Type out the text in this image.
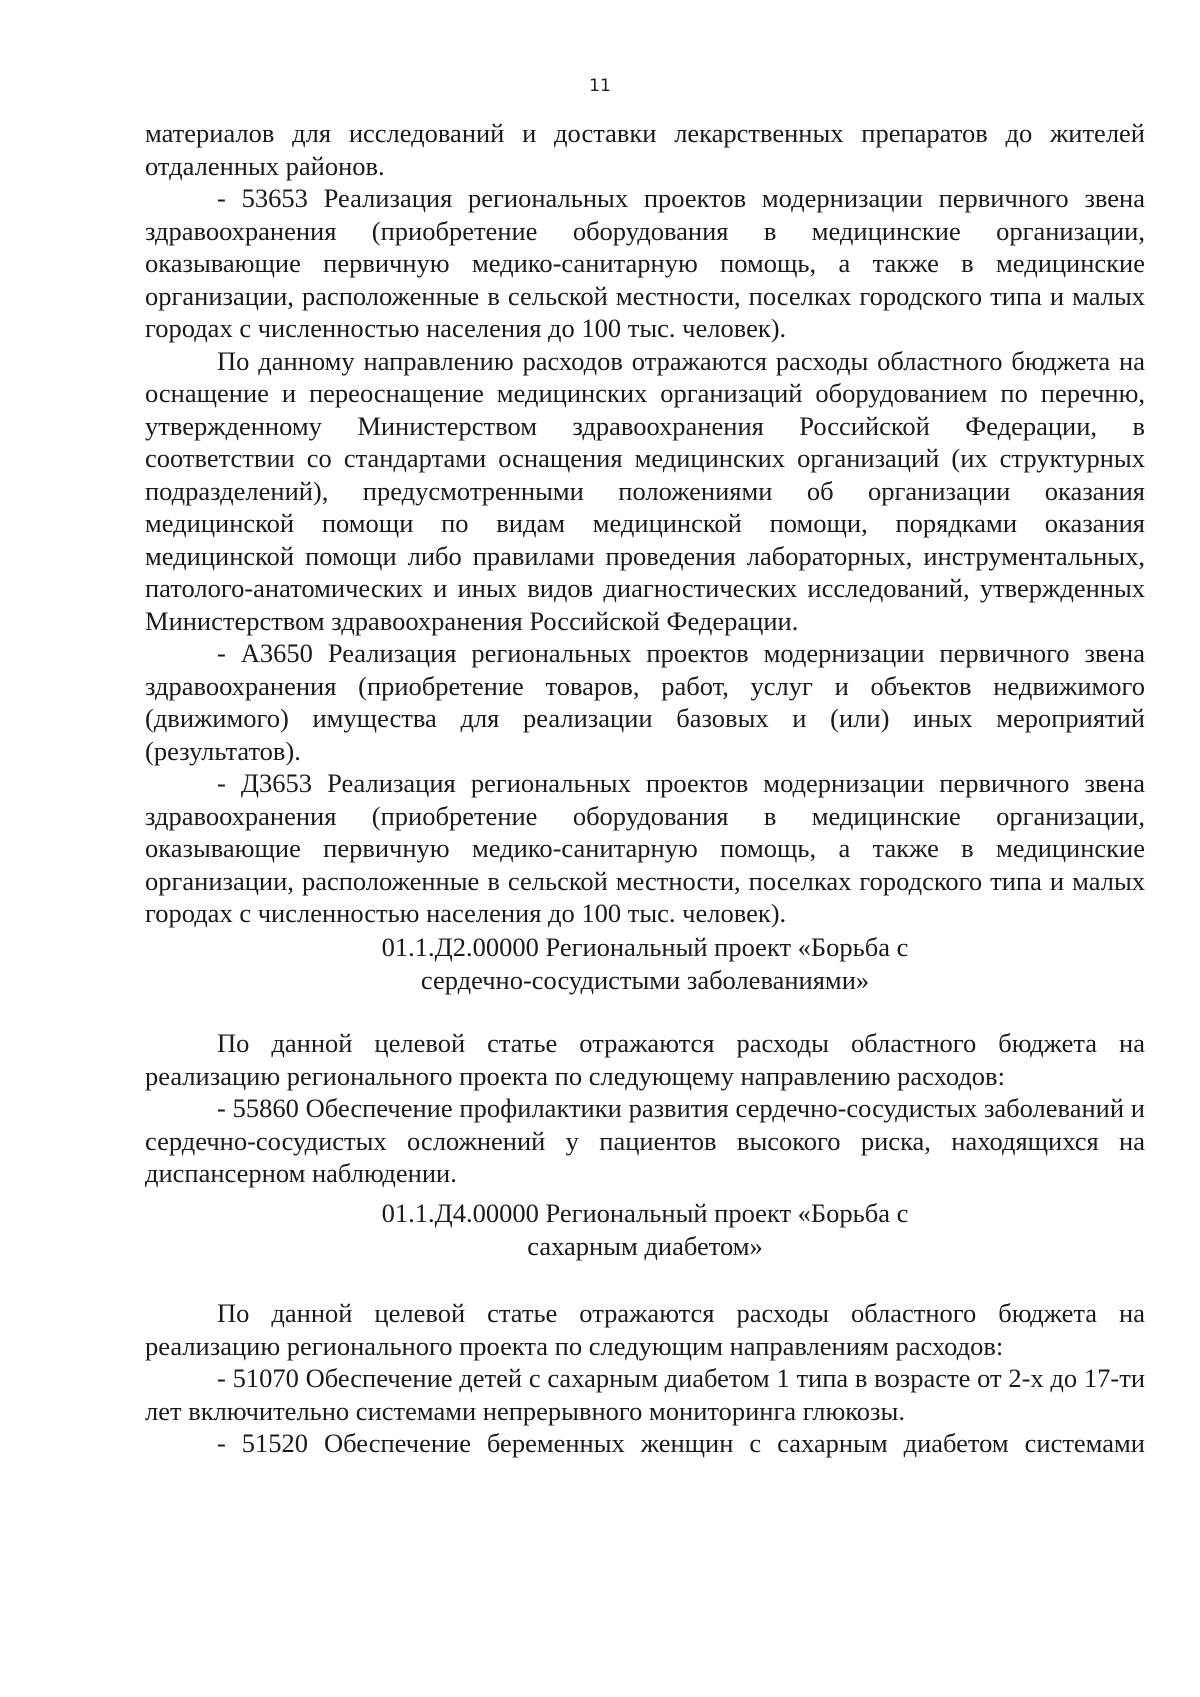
11

материалов для исследований и доставки лекарственных препаратов до жителей отдаленных районов.

- 53653 Реализация региональных проектов модернизации первичного звена здравоохранения (приобретение оборудования в медицинские организации, оказывающие первичную медико-санитарную помощь, а также в медицинские организации, расположенные в сельской местности, поселках городского типа и малых городах с численностью населения до 100 тыс. человек).

По данному направлению расходов отражаются расходы областного бюджета на оснащение и переоснащение медицинских организаций оборудованием по перечню, утвержденному Министерством здравоохранения Российской Федерации, в соответствии со стандартами оснащения медицинских организаций (их структурных подразделений), предусмотренными положениями об организации оказания медицинской помощи по видам медицинской помощи, порядками оказания медицинской помощи либо правилами проведения лабораторных, инструментальных, патолого-анатомических и иных видов диагностических исследований, утвержденных Министерством здравоохранения Российской Федерации.

- А3650 Реализация региональных проектов модернизации первичного звена здравоохранения (приобретение товаров, работ, услуг и объектов недвижимого (движимого) имущества для реализации базовых и (или) иных мероприятий (результатов).

- Д3653 Реализация региональных проектов модернизации первичного звена здравоохранения (приобретение оборудования в медицинские организации, оказывающие первичную медико-санитарную помощь, а также в медицинские организации, расположенные в сельской местности, поселках городского типа и малых городах с численностью населения до 100 тыс. человек).

01.1.Д2.00000 Региональный проект «Борьба с
сердечно-сосудистыми заболеваниями»

По данной целевой статье отражаются расходы областного бюджета на реализацию регионального проекта по следующему направлению расходов:

- 55860 Обеспечение профилактики развития сердечно-сосудистых заболеваний и сердечно-сосудистых осложнений у пациентов высокого риска, находящихся на диспансерном наблюдении.

01.1.Д4.00000 Региональный проект «Борьба с
сахарным диабетом»

По данной целевой статье отражаются расходы областного бюджета на реализацию регионального проекта по следующим направлениям расходов:

- 51070 Обеспечение детей с сахарным диабетом 1 типа в возрасте от 2-х до 17-ти лет включительно системами непрерывного мониторинга глюкозы.

- 51520 Обеспечение беременных женщин с сахарным диабетом системами
